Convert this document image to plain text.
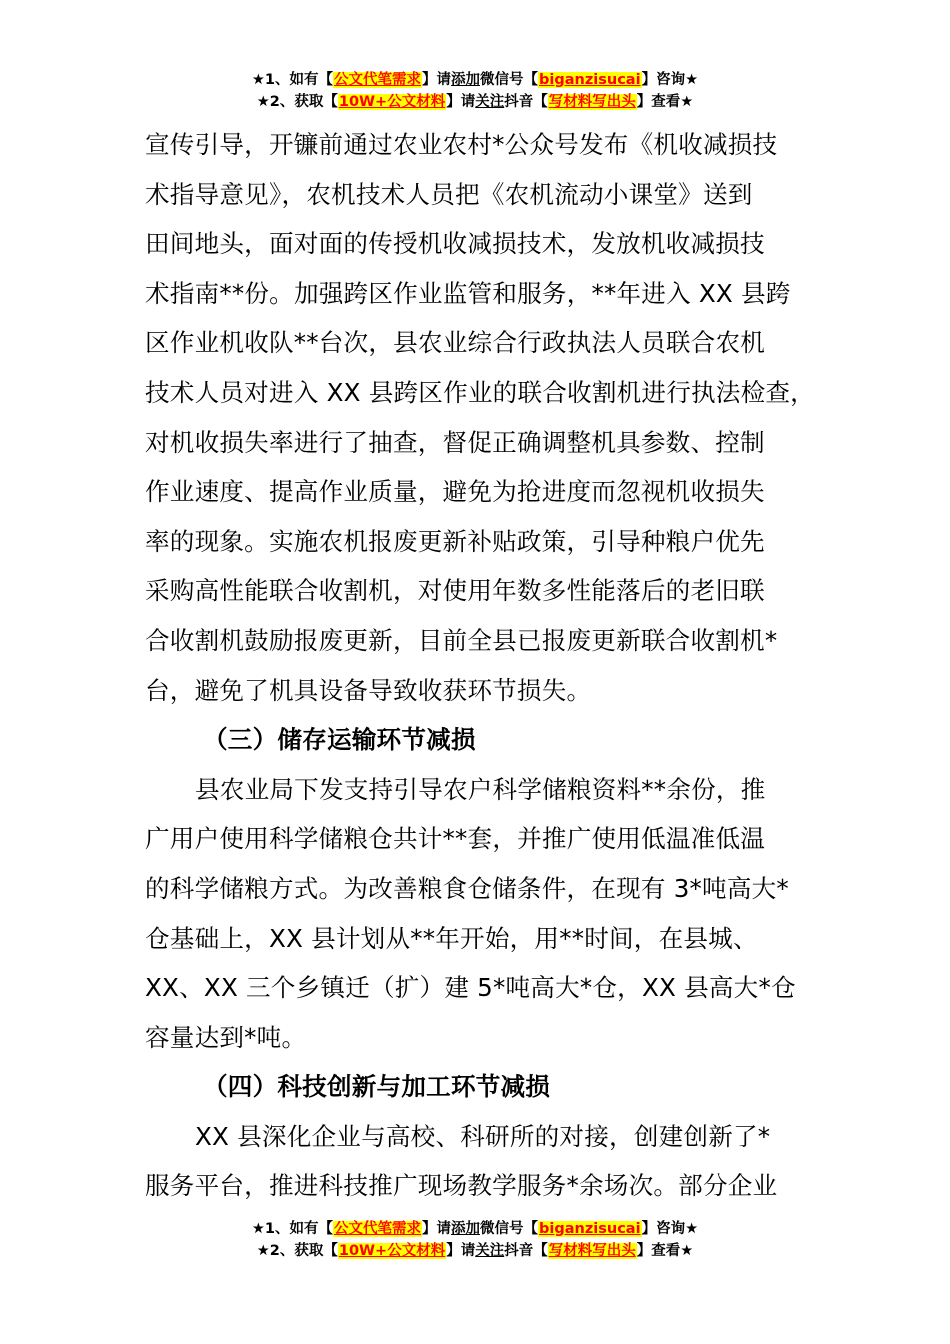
★1、如有【公文代笔需求】请添加微信号【biganzisucai】咨询★
★2、获取【10W+公文材料】请关注抖音【写材料写出头】查看★
宣传引导，开镰前通过农业农村*公众号发布《机收减损技
术指导意见》，农机技术人员把《农机流动小课堂》送到
田间地头，面对面的传授机收减损技术，发放机收减损技
术指南**份。加强跨区作业监管和服务，**年进入 XX 县跨
区作业机收队**台次，县农业综合行政执法人员联合农机
技术人员对进入 XX 县跨区作业的联合收割机进行执法检查，
对机收损失率进行了抽查，督促正确调整机具参数、控制
作业速度、提高作业质量，避免为抢进度而忽视机收损失
率的现象。实施农机报废更新补贴政策，引导种粮户优先
采购高性能联合收割机，对使用年数多性能落后的老旧联
合收割机鼓励报废更新，目前全县已报废更新联合收割机*
台，避免了机具设备导致收获环节损失。
（三）储存运输环节减损
县农业局下发支持引导农户科学储粮资料**余份，推
广用户使用科学储粮仓共计**套，并推广使用低温准低温
的科学储粮方式。为改善粮食仓储条件，在现有 3*吨高大*
仓基础上，XX 县计划从**年开始，用**时间，在县城、
XX、XX 三个乡镇迁（扩）建 5*吨高大*仓，XX 县高大*仓
容量达到*吨。
（四）科技创新与加工环节减损
XX 县深化企业与高校、科研所的对接，创建创新了*
服务平台，推进科技推广现场教学服务*余场次。部分企业
★1、如有【公文代笔需求】请添加微信号【biganzisucai】咨询★
★2、获取【10W+公文材料】请关注抖音【写材料写出头】查看★
